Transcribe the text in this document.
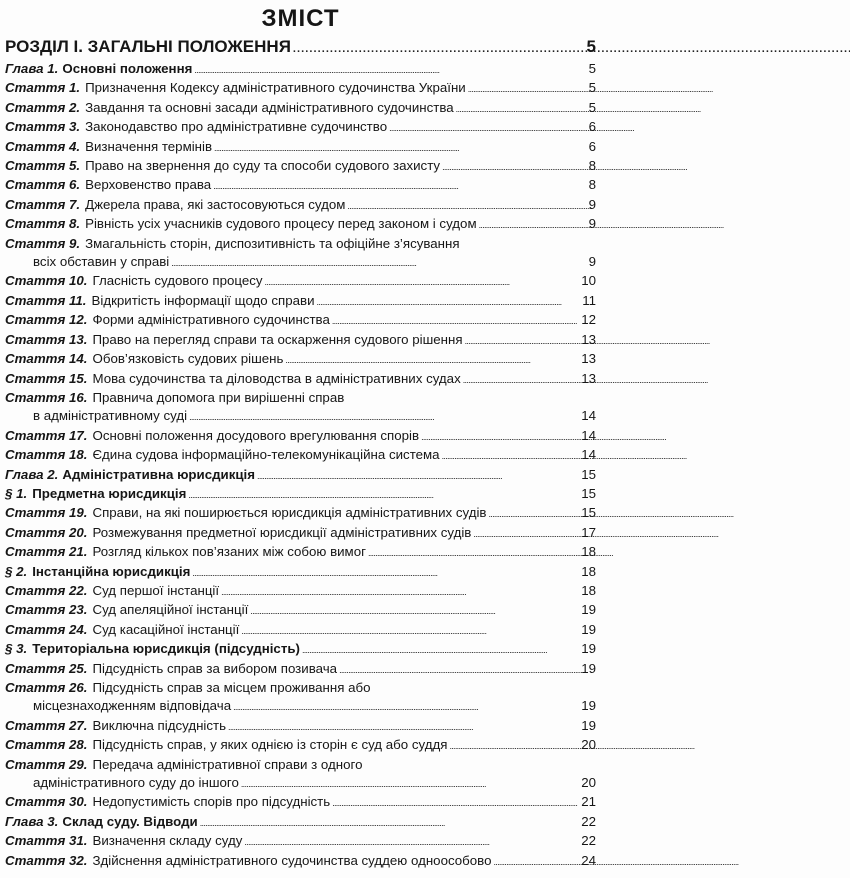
ЗМІСТ
РОЗДІЛ І. ЗАГАЛЬНІ ПОЛОЖЕННЯ . . .	5
Глава 1. Основні положення . . .	5
Стаття 1. Призначення Кодексу адміністративного судочинства України . . .	5
Стаття 2. Завдання та основні засади адміністративного судочинства . . .	5
Стаття 3. Законодавство про адміністративне судочинство . . .	6
Стаття 4. Визначення термінів . . .	6
Стаття 5. Право на звернення до суду та способи судового захисту . . .	8
Стаття 6. Верховенство права . . .	8
Стаття 7. Джерела права, які застосовуються судом . . .	9
Стаття 8. Рівність усіх учасників судового процесу перед законом і судом . . .	9
Стаття 9. Змагальність сторін, диспозитивність та офіційне з’ясування
всіх обставин у справі . . .	9
Стаття 10. Гласність судового процесу . . .	10
Стаття 11. Відкритість інформації щодо справи . . .	11
Стаття 12. Форми адміністративного судочинства . . .	12
Стаття 13. Право на перегляд справи та оскарження судового рішення . . .	13
Стаття 14. Обов’язковість судових рішень . . .	13
Стаття 15. Мова судочинства та діловодства в адміністративних судах . . .	13
Стаття 16. Правнича допомога при вирішенні справ
в адміністративному суді . . .	14
Стаття 17. Основні положення досудового врегулювання спорів . . .	14
Стаття 18. Єдина судова інформаційно-телекомунікаційна система . . .	14
Глава 2. Адміністративна юрисдикція . . .	15
§ 1. Предметна юрисдикція . . .	15
Стаття 19. Справи, на які поширюється юрисдикція адміністративних судів . . .	15
Стаття 20. Розмежування предметної юрисдикції адміністративних судів . . .	17
Стаття 21. Розгляд кількох пов’язаних між собою вимог . . .	18
§ 2. Інстанційна юрисдикція . . .	18
Стаття 22. Суд першої інстанції . . .	18
Стаття 23. Суд апеляційної інстанції . . .	19
Стаття 24. Суд касаційної інстанції . . .	19
§ 3. Територіальна юрисдикція (підсудність) . . .	19
Стаття 25. Підсудність справ за вибором позивача . . .	19
Стаття 26. Підсудність справ за місцем проживання або
місцезнаходженням відповідача . . .	19
Стаття 27. Виключна підсудність . . .	19
Стаття 28. Підсудність справ, у яких однією із сторін є суд або суддя . . .	20
Стаття 29. Передача адміністративної справи з одного
адміністративного суду до іншого . . .	20
Стаття 30. Недопустимість спорів про підсудність . . .	21
Глава 3. Склад суду. Відводи . . .	22
Стаття 31. Визначення складу суду . . .	22
Стаття 32. Здійснення адміністративного судочинства суддею одноособово . . .	24
